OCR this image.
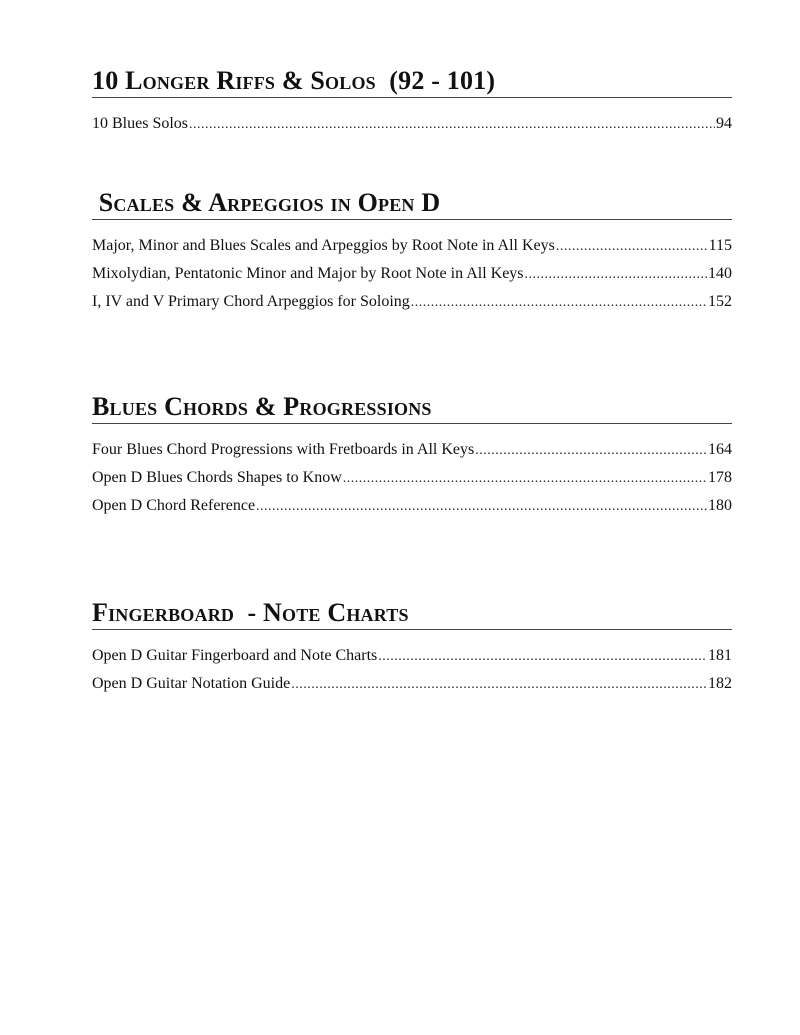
10 Longer Riffs & Solos  (92 - 101)
10 Blues Solos .....	94
Scales & Arpeggios in Open D
Major, Minor and Blues Scales and Arpeggios by Root Note in All Keys .....	115
Mixolydian, Pentatonic Minor and Major by Root Note in All Keys .....	140
I, IV and V Primary Chord Arpeggios for Soloing .....	152
Blues Chords & Progressions
Four Blues Chord Progressions with Fretboards in All Keys .....	164
Open D Blues Chords Shapes to Know .....	178
Open D Chord Reference .....	180
Fingerboard  - Note Charts
Open D Guitar Fingerboard and Note Charts .....	181
Open D Guitar Notation Guide .....	182
